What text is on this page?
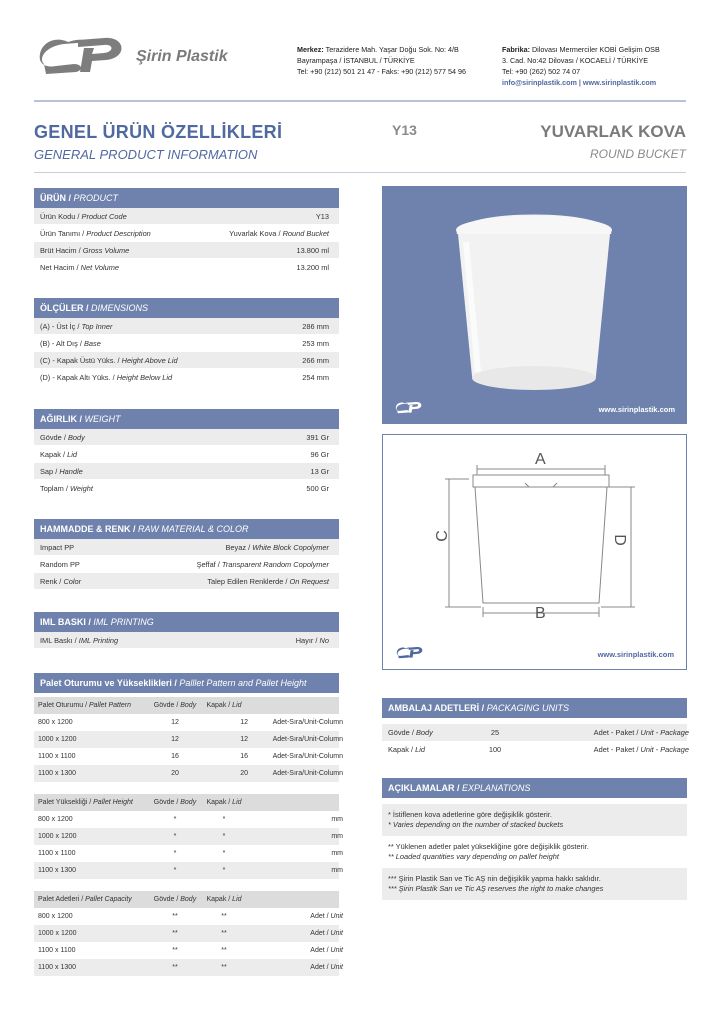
Şirin Plastik	Merkez: Terazidere Mah. Yaşar Doğu Sok. No: 4/B
Bayrampaşa / İSTANBUL / TÜRKİYE
Tel: +90 (212) 501 21 47 - Faks: +90 (212) 577 54 96
Fabrika: Dilovası Mermerciler KOBİ Gelişim OSB
3. Cad. No:42 Dilovası / KOCAELİ / TÜRKİYE
Tel: +90 (262) 502 74 07
info@sirinplastik.com | www.sirinplastik.com
GENEL ÜRÜN ÖZELLİKLERİ
GENERAL PRODUCT INFORMATION
Y13	YUVARLAK KOVA
ROUND BUCKET
ÜRÜN / PRODUCT
Ürün Kodu / Product Code	Y13
Ürün Tanımı / Product Description	Yuvarlak Kova / Round Bucket
Brüt Hacim / Gross Volume	13.800 ml
Net Hacim / Net Volume	13.200 ml
ÖLÇÜLER / DIMENSIONS
(A) - Üst İç / Top Inner	286 mm
(B) - Alt Dış / Base	253 mm
(C) - Kapak Üstü Yüks. / Height Above Lid	266 mm
(D) - Kapak Altı Yüks. / Height Below Lid	254 mm
AĞIRLIK / WEIGHT
Gövde / Body	391 Gr
Kapak / Lid	96 Gr
Sap / Handle	13 Gr
Toplam / Weight	500 Gr
HAMMADDE & RENK / RAW MATERIAL & COLOR
Impact PP	Beyaz / White Block Copolymer
Random PP	Şeffaf / Transparent Random Copolymer
Renk / Color	Talep Edilen Renklerde / On Request
IML BASKI / IML PRINTING
IML Baskı / IML Printing	Hayır / No
Palet Oturumu ve Yükseklikleri / Palllet Pattern and Pallet Height
Palet Oturumu / Pallet Pattern	Gövde / Body	Kapak / Lid
800 x 1200	12	12	Adet-Sıra/Unit-Column
1000 x 1200	12	12	Adet-Sıra/Unit-Column
1100 x 1100	16	16	Adet-Sıra/Unit-Column
1100 x 1300	20	20	Adet-Sıra/Unit-Column
Palet Yüksekliği / Pallet Height	Gövde / Body	Kapak / Lid
800 x 1200	*	*	mm
1000 x 1200	*	*	mm
1100 x 1100	*	*	mm
1100 x 1300	*	*	mm
Palet Adetleri / Pallet Capacity	Gövde / Body	Kapak / Lid
800 x 1200	**	**	Adet / Unit
1000 x 1200	**	**	Adet / Unit
1100 x 1100	**	**	Adet / Unit
1100 x 1300	**	**	Adet / Unit
www.sirinplastik.com
A
B
C	D
www.sirinplastik.com
AMBALAJ ADETLERİ / PACKAGING UNITS
Gövde / Body	25	Adet - Paket / Unit - Package
Kapak / Lid	100	Adet - Paket / Unit - Package
AÇIKLAMALAR / EXPLANATIONS
* İstiflenen kova adetlerine göre değişiklik gösterir.
* Varies depending on the number of stacked buckets
** Yüklenen adetler palet yüksekliğine göre değişiklik gösterir.
** Loaded quantities vary depending on pallet height
*** Şirin Plastik San ve Tic AŞ nin değişiklik yapma hakkı saklıdır.
*** Şirin Plastik San ve Tic AŞ reserves the right to make changes
